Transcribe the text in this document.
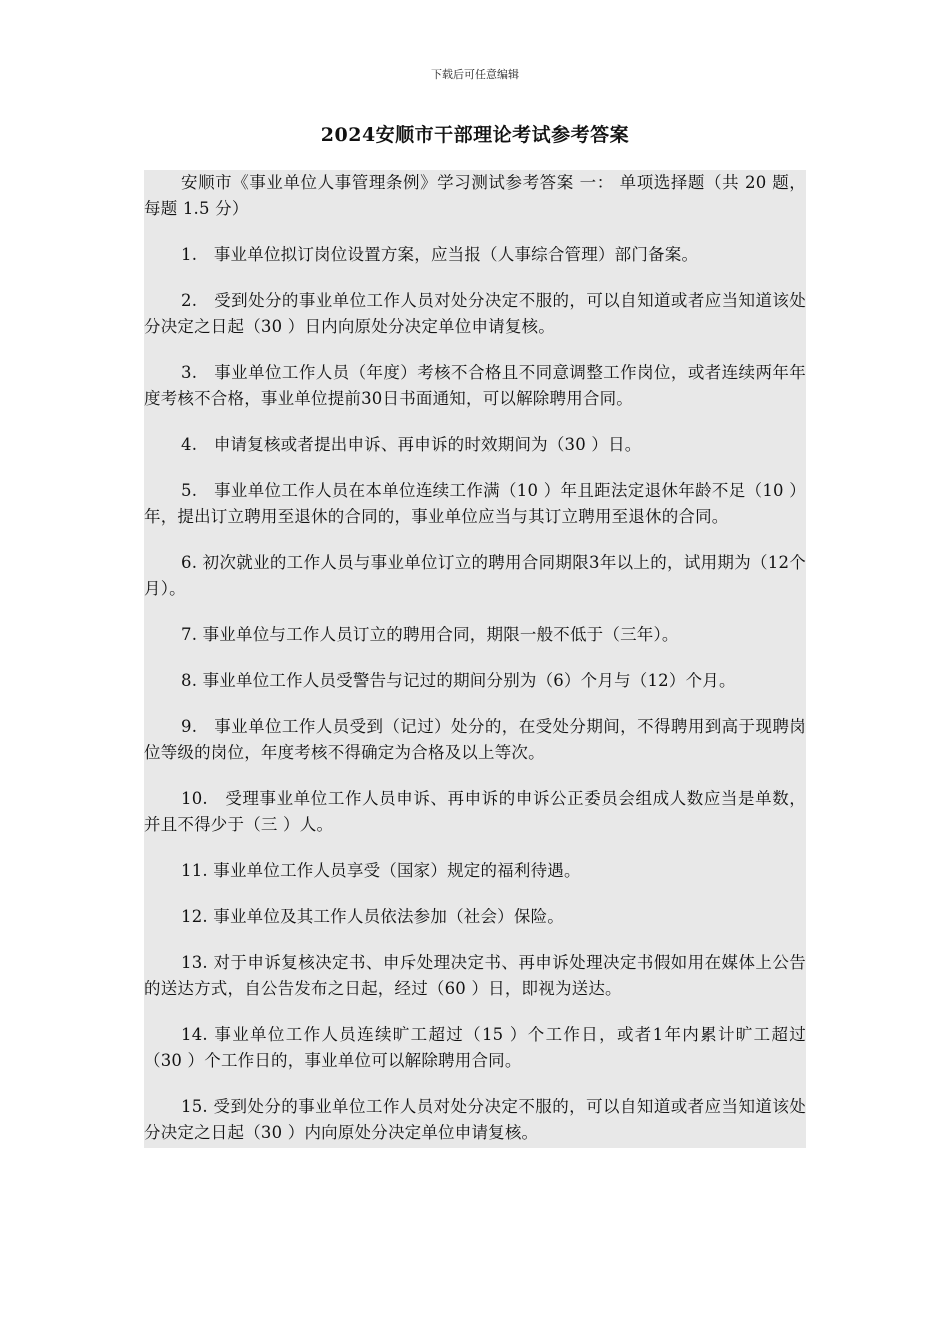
下载后可任意编辑
2024安顺市干部理论考试参考答案

安顺市《事业单位人事管理条例》学习测试参考答案 一： 单项选择题（共 20 题，每题 1.5 分）

1.　事业单位拟订岗位设置方案，应当报（人事综合管理）部门备案。

2.　受到处分的事业单位工作人员对处分决定不服的，可以自知道或者应当知道该处分决定之日起（30 ）日内向原处分决定单位申请复核。

3.　事业单位工作人员（年度）考核不合格且不同意调整工作岗位，或者连续两年年度考核不合格，事业单位提前30日书面通知，可以解除聘用合同。

4.　申请复核或者提出申诉、再申诉的时效期间为（30 ）日。

5.　事业单位工作人员在本单位连续工作满（10 ）年且距法定退休年龄不足（10 ）年，提出订立聘用至退休的合同的，事业单位应当与其订立聘用至退休的合同。

6. 初次就业的工作人员与事业单位订立的聘用合同期限3年以上的，试用期为（12个月）。

7. 事业单位与工作人员订立的聘用合同，期限一般不低于（三年）。

8. 事业单位工作人员受警告与记过的期间分别为（6）个月与（12）个月。

9.　事业单位工作人员受到（记过）处分的，在受处分期间，不得聘用到高于现聘岗位等级的岗位，年度考核不得确定为合格及以上等次。

10.　受理事业单位工作人员申诉、再申诉的申诉公正委员会组成人数应当是单数，并且不得少于（三 ）人。

11. 事业单位工作人员享受（国家）规定的福利待遇。

12. 事业单位及其工作人员依法参加（社会）保险。

13. 对于申诉复核决定书、申斥处理决定书、再申诉处理决定书假如用在媒体上公告的送达方式，自公告发布之日起，经过（60 ）日，即视为送达。

14. 事业单位工作人员连续旷工超过（15 ）个工作日，或者1年内累计旷工超过（30 ）个工作日的，事业单位可以解除聘用合同。

15. 受到处分的事业单位工作人员对处分决定不服的，可以自知道或者应当知道该处分决定之日起（30 ）内向原处分决定单位申请复核。
